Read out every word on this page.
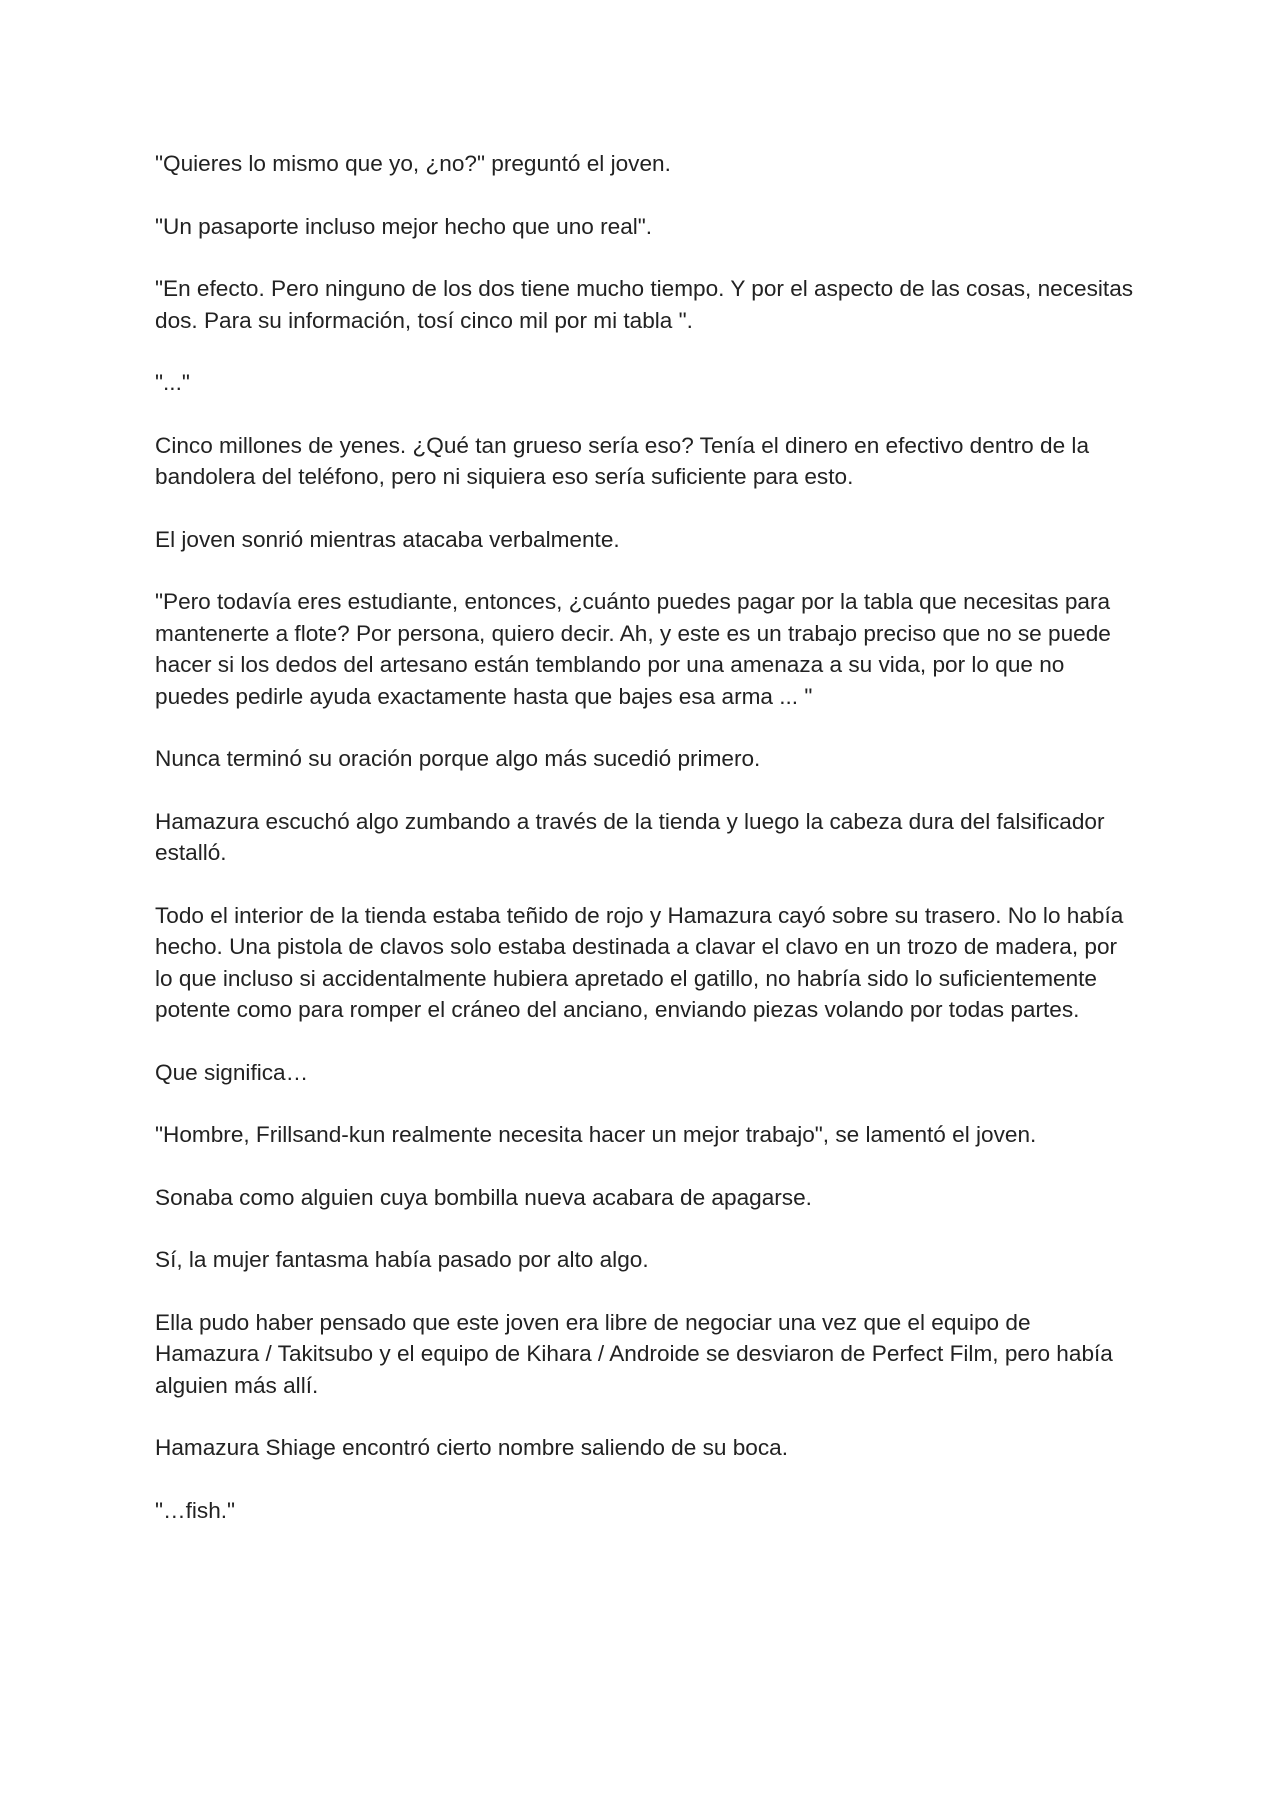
"Quieres lo mismo que yo, ¿no?" preguntó el joven.

"Un pasaporte incluso mejor hecho que uno real".

"En efecto. Pero ninguno de los dos tiene mucho tiempo. Y por el aspecto de las cosas, necesitas dos. Para su información, tosí cinco mil por mi tabla ".

"..."

Cinco millones de yenes. ¿Qué tan grueso sería eso? Tenía el dinero en efectivo dentro de la bandolera del teléfono, pero ni siquiera eso sería suficiente para esto.

El joven sonrió mientras atacaba verbalmente.

"Pero todavía eres estudiante, entonces, ¿cuánto puedes pagar por la tabla que necesitas para mantenerte a flote? Por persona, quiero decir. Ah, y este es un trabajo preciso que no se puede hacer si los dedos del artesano están temblando por una amenaza a su vida, por lo que no puedes pedirle ayuda exactamente hasta que bajes esa arma ... "

Nunca terminó su oración porque algo más sucedió primero.

Hamazura escuchó algo zumbando a través de la tienda y luego la cabeza dura del falsificador  estalló.

Todo el interior de la tienda estaba teñido de rojo y Hamazura cayó sobre su trasero. No lo había hecho. Una pistola de clavos solo estaba destinada a clavar el clavo en un trozo de madera, por lo que incluso si accidentalmente hubiera apretado el gatillo, no habría sido lo suficientemente potente como para romper el cráneo del anciano, enviando piezas volando por todas partes.

Que significa…

"Hombre, Frillsand-kun realmente necesita hacer un mejor trabajo", se lamentó el joven.

Sonaba como alguien cuya bombilla nueva acabara de apagarse.

Sí, la mujer fantasma había pasado por alto algo.

Ella pudo haber pensado que este joven era libre de negociar una vez que el equipo de Hamazura / Takitsubo y el equipo de Kihara / Androide se desviaron de Perfect Film, pero había alguien más allí.

Hamazura Shiage encontró cierto nombre saliendo de su boca.

"…fish."
